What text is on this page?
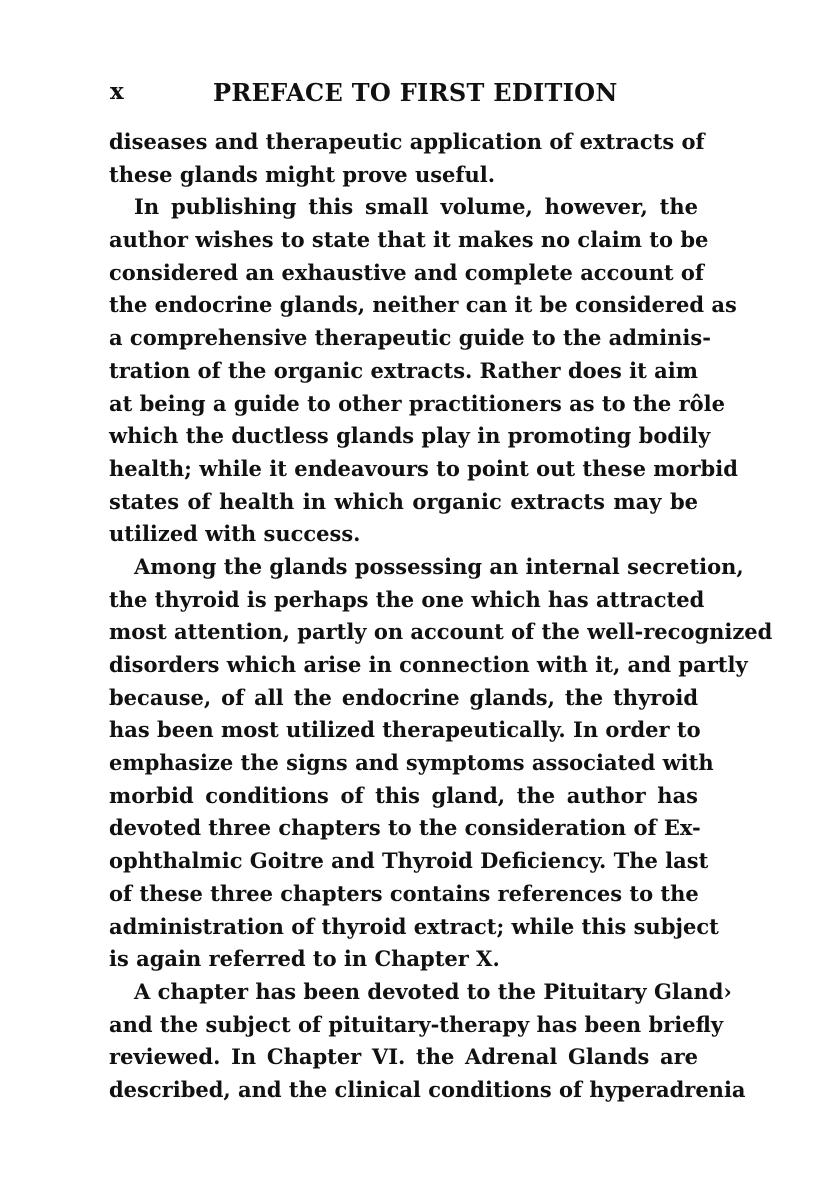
x	PREFACE TO FIRST EDITION
diseases and therapeutic application of extracts of
these glands might prove useful.
In publishing this small volume, however, the
author wishes to state that it makes no claim to be
considered an exhaustive and complete account of
the endocrine glands, neither can it be considered as
a comprehensive therapeutic guide to the adminis-
tration of the organic extracts. Rather does it aim
at being a guide to other practitioners as to the rôle
which the ductless glands play in promoting bodily
health; while it endeavours to point out these morbid
states of health in which organic extracts may be
utilized with success.
Among the glands possessing an internal secretion,
the thyroid is perhaps the one which has attracted
most attention, partly on account of the well-recognized
disorders which arise in connection with it, and partly
because, of all the endocrine glands, the thyroid
has been most utilized therapeutically. In order to
emphasize the signs and symptoms associated with
morbid conditions of this gland, the author has
devoted three chapters to the consideration of Ex-
ophthalmic Goitre and Thyroid Deficiency. The last
of these three chapters contains references to the
administration of thyroid extract; while this subject
is again referred to in Chapter X.
A chapter has been devoted to the Pituitary Gland›
and the subject of pituitary-therapy has been briefly
reviewed. In Chapter VI. the Adrenal Glands are
described, and the clinical conditions of hyperadrenia
